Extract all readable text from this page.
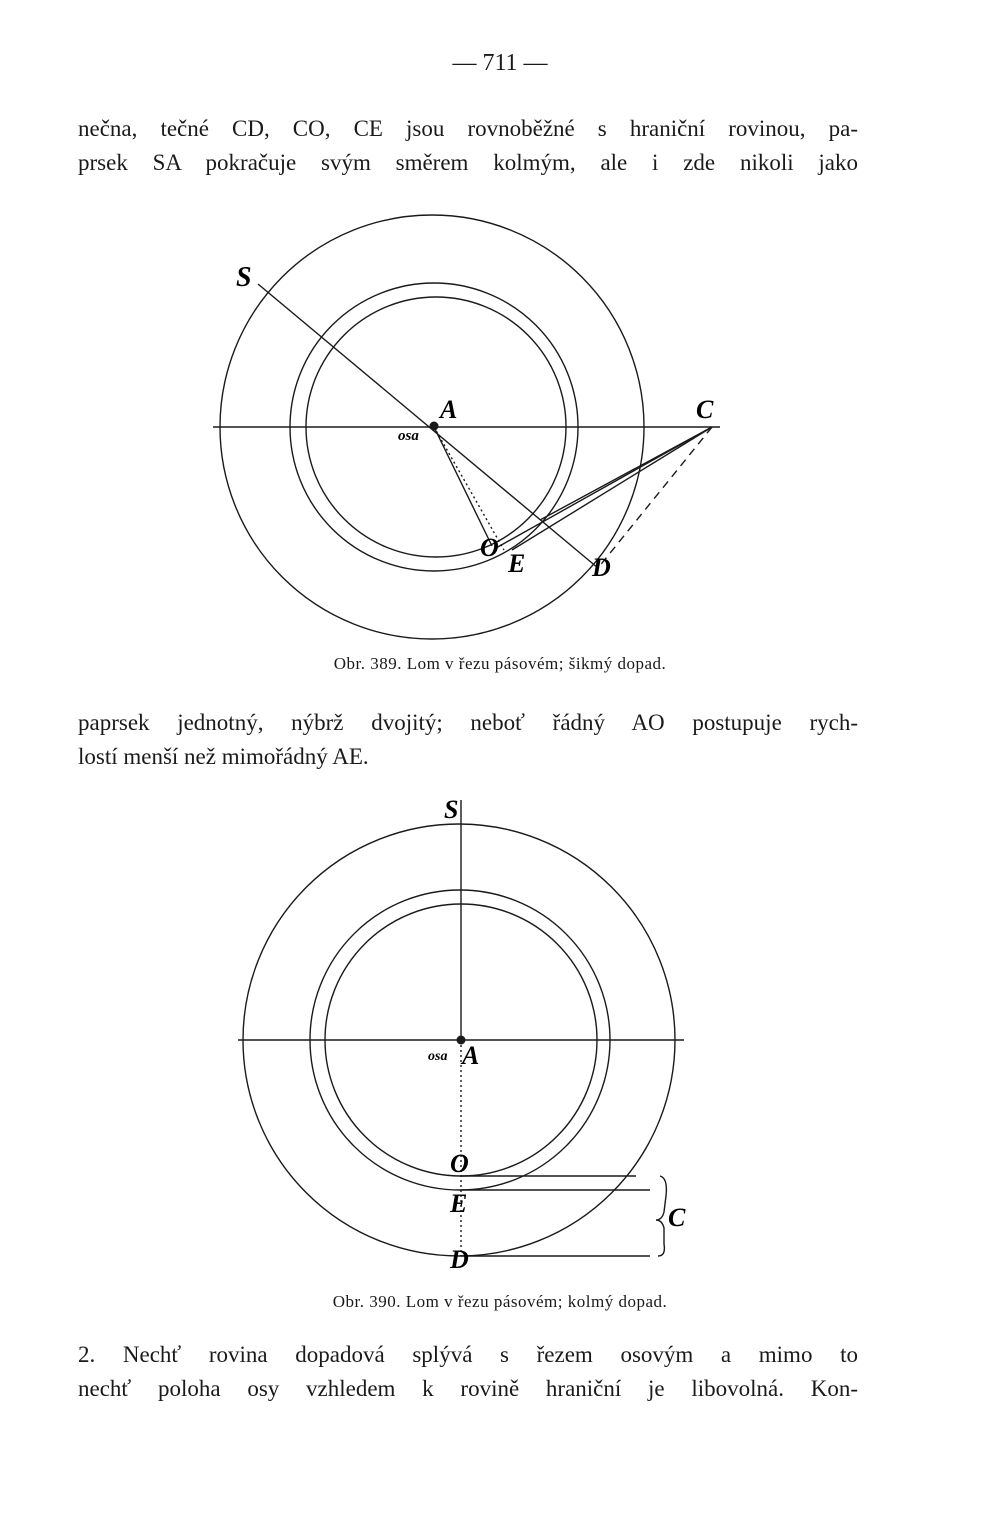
— 711 —
nečna, tečné CD, CO, CE jsou rovnoběžné s hraniční rovinou, pa-
prsek SA pokračuje svým směrem kolmým, ale i zde nikoli jako
S
A
osa
C
O
E	D
Obr. 389. Lom v řezu pásovém; šikmý dopad.
paprsek jednotný, nýbrž dvojitý; neboť řádný AO postupuje rych-
lostí menší než mimořádný AE.
S
A
osa
O
E
D
C
Obr. 390. Lom v řezu pásovém; kolmý dopad.
2. Nechť rovina dopadová splývá s řezem osovým a mimo to
nechť poloha osy vzhledem k rovině hraniční je libovolná. Kon-
